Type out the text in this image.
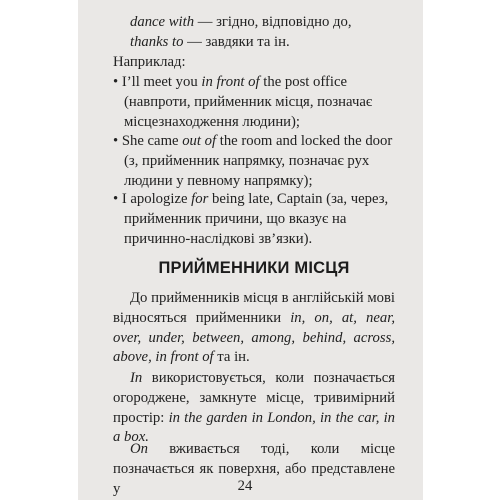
dance with — згідно, відповідно до,

thanks to — завдяки та ін.

Наприклад:

• I’ll meet you in front of the post office (навпроти, прийменник місця, позначає місцезнаходження людини);

• She came out of the room and locked the door (з, прийменник напрямку, позначає рух людини у певному напрямку);

• I apologize for being late, Captain (за, через, прийменник причини, що вказує на причинно-наслідкові зв’язки).

ПРИЙМЕННИКИ МІСЦЯ

До прийменників місця в англійській мові відносяться прийменники in, on, at, near, over, under, between, among, behind, across, above, in front of та ін.

In використовується, коли позначається огороджене, замкнуте місце, тривимірний простір: in the garden in London, in the car, in a box.

On вживається тоді, коли місце позначається як поверхня, або представлене у	24
